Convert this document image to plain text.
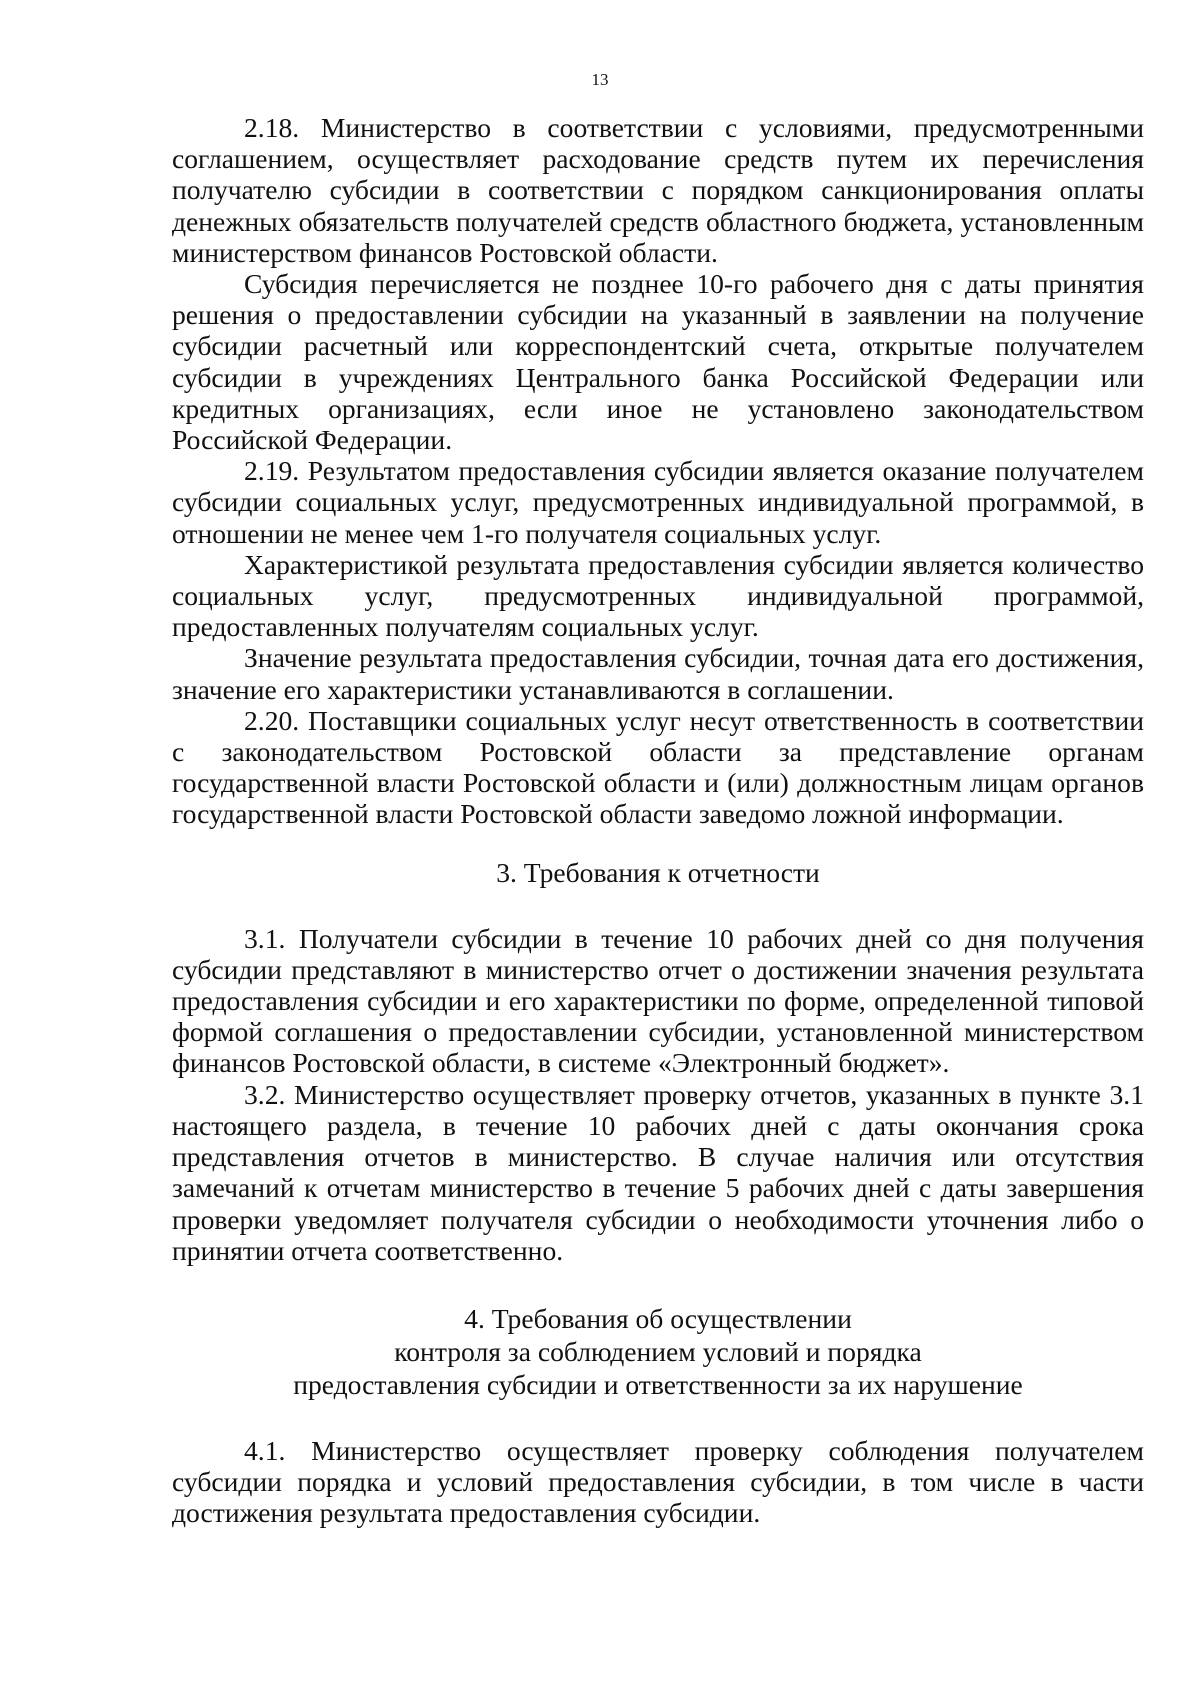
13

2.18. Министерство в соответствии с условиями, предусмотренными соглашением, осуществляет расходование средств путем их перечисления получателю субсидии в соответствии с порядком санкционирования оплаты денежных обязательств получателей средств областного бюджета, установленным министерством финансов Ростовской области.

Субсидия перечисляется не позднее 10-го рабочего дня с даты принятия решения о предоставлении субсидии на указанный в заявлении на получение субсидии расчетный или корреспондентский счета, открытые получателем субсидии в учреждениях Центрального банка Российской Федерации или кредитных организациях, если иное не установлено законодательством Российской Федерации.

2.19. Результатом предоставления субсидии является оказание получателем субсидии социальных услуг, предусмотренных индивидуальной программой, в отношении не менее чем 1-го получателя социальных услуг.

Характеристикой результата предоставления субсидии является количество социальных услуг, предусмотренных индивидуальной программой, предоставленных получателям социальных услуг.

Значение результата предоставления субсидии, точная дата его достижения, значение его характеристики устанавливаются в соглашении.

2.20. Поставщики социальных услуг несут ответственность в соответствии с законодательством Ростовской области за представление органам государственной власти Ростовской области и (или) должностным лицам органов государственной власти Ростовской области заведомо ложной информации.

3. Требования к отчетности

3.1. Получатели субсидии в течение 10 рабочих дней со дня получения субсидии представляют в министерство отчет о достижении значения результата предоставления субсидии и его характеристики по форме, определенной типовой формой соглашения о предоставлении субсидии, установленной министерством финансов Ростовской области, в системе «Электронный бюджет».

3.2. Министерство осуществляет проверку отчетов, указанных в пункте 3.1 настоящего раздела, в течение 10 рабочих дней с даты окончания срока представления отчетов в министерство. В случае наличия или отсутствия замечаний к отчетам министерство в течение 5 рабочих дней с даты завершения проверки уведомляет получателя субсидии о необходимости уточнения либо о принятии отчета соответственно.

4. Требования об осуществлении
контроля за соблюдением условий и порядка
предоставления субсидии и ответственности за их нарушение

4.1. Министерство осуществляет проверку соблюдения получателем субсидии порядка и условий предоставления субсидии, в том числе в части достижения результата предоставления субсидии.
